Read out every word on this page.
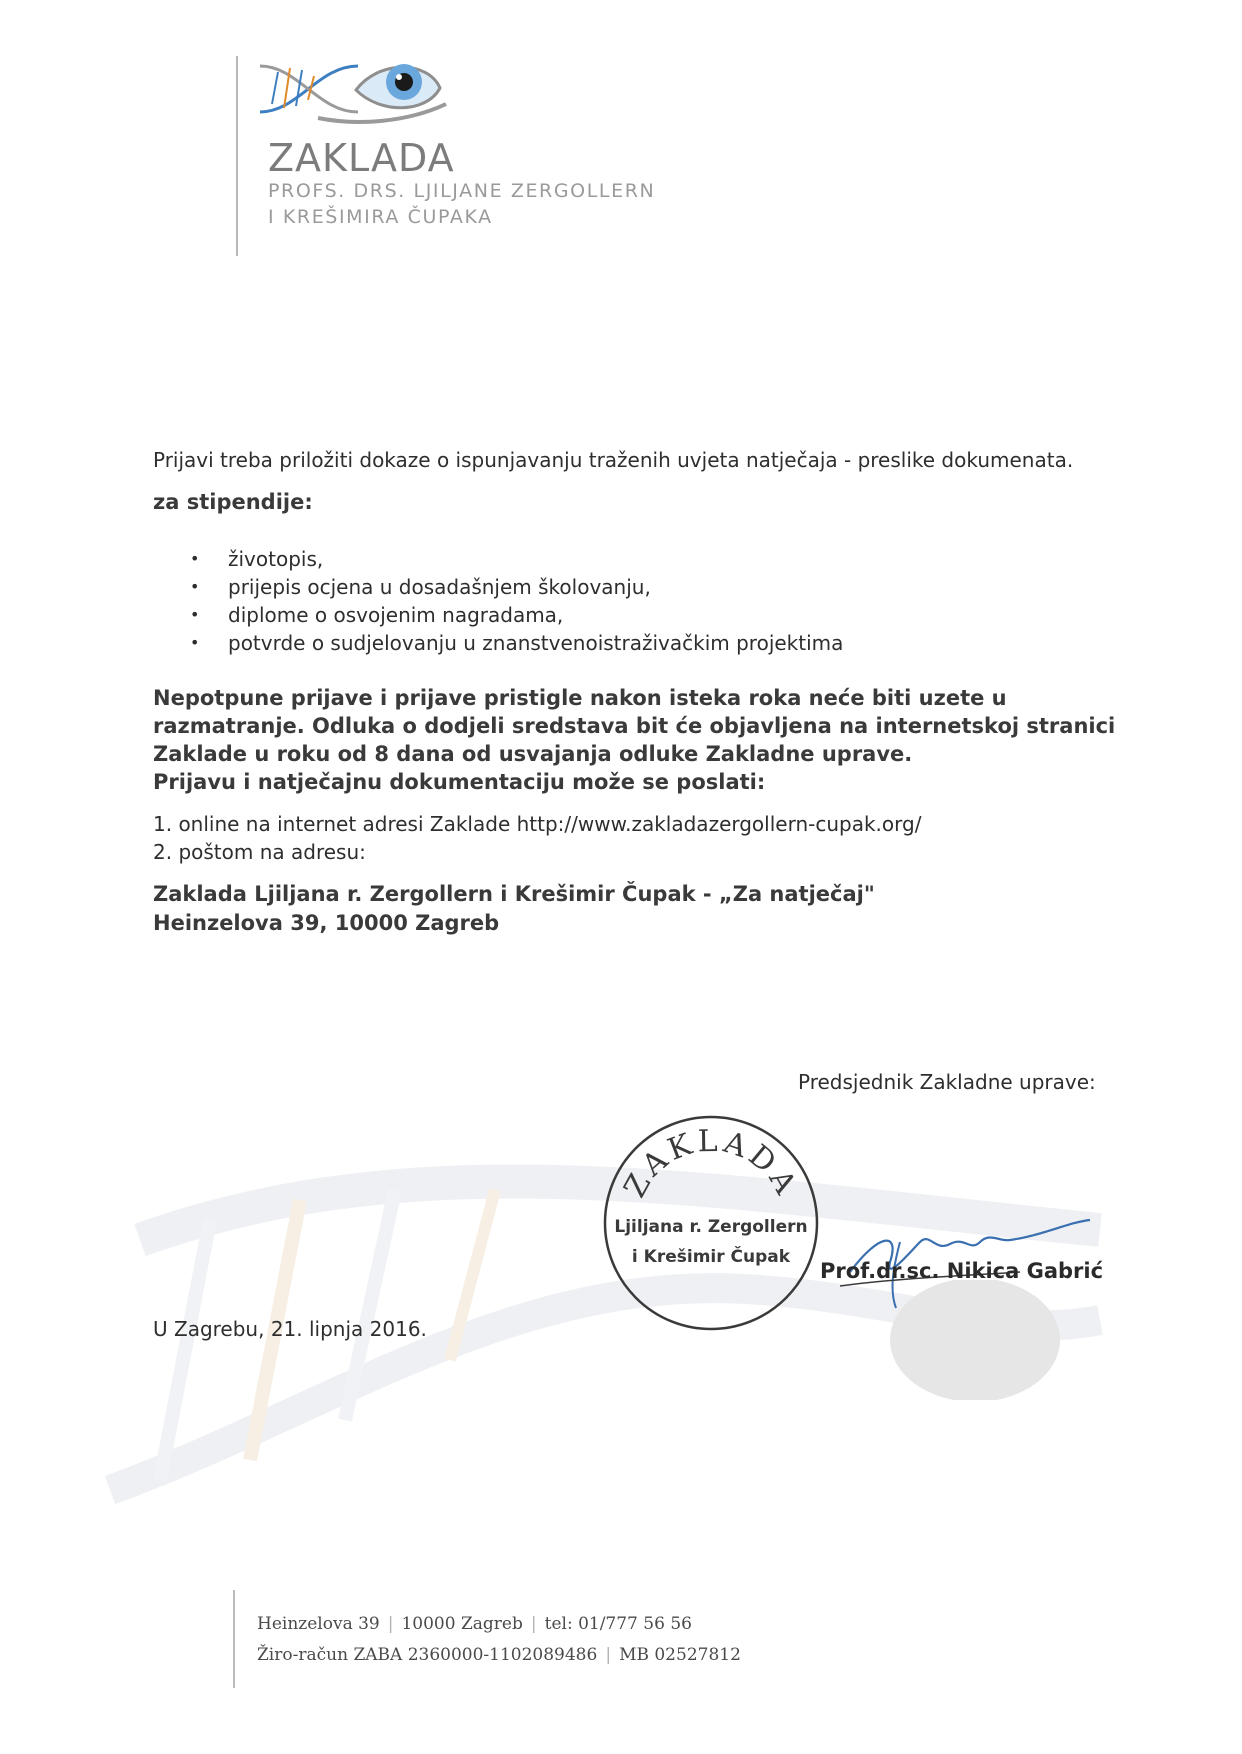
ZAKLADA
PROFS. DRS. LJILJANE ZERGOLLERN
I KREŠIMIRA ČUPAKA
Prijavi treba priložiti dokaze o ispunjavanju traženih uvjeta natječaja - preslike dokumenata.
za stipendije:
• životopis,
• prijepis ocjena u dosadašnjem školovanju,
• diplome o osvojenim nagradama,
• potvrde o sudjelovanju u znanstvenoistraživačkim projektima
Nepotpune prijave i prijave pristigle nakon isteka roka neće biti uzete u
razmatranje. Odluka o dodjeli sredstava bit će objavljena na internetskoj stranici
Zaklade u roku od 8 dana od usvajanja odluke Zakladne uprave.
Prijavu i natječajnu dokumentaciju može se poslati:
1. online na internet adresi Zaklade http://www.zakladazergollern-cupak.org/
2. poštom na adresu:
Zaklada Ljiljana r. Zergollern i Krešimir Čupak - „Za natječaj"
Heinzelova 39, 10000 Zagreb
Predsjednik Zakladne uprave:
ZAKLADA
Ljiljana r. Zergollern
i Krešimir Čupak
Prof.dr.sc. Nikica Gabrić
U Zagrebu, 21. lipnja 2016.
Heinzelova 39 | 10000 Zagreb | tel: 01/777 56 56
Žiro-račun ZABA 2360000-1102089486 | MB 02527812
